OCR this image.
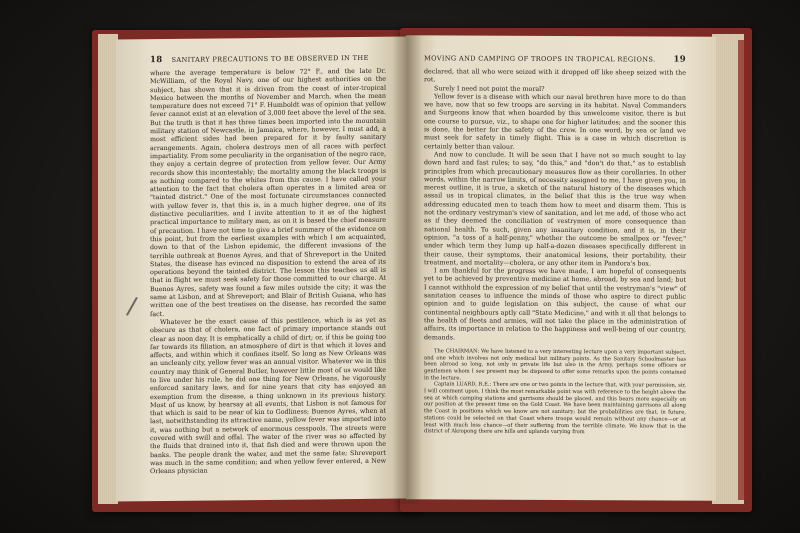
18 SANITARY PRECAUTIONS TO BE OBSERVED IN THE

where the average temperature is below 72° F., and the late Dr. McWilliam, of the Royal Navy, one of our highest authorities on the subject, has shown that it is driven from the coast of inter-tropical Mexico between the months of November and March, when the mean temperature does not exceed 71° F. Humboldt was of opinion that yellow fever cannot exist at an elevation of 3,000 feet above the level of the sea. But the truth is that it has three times been imported into the mountain military station of Newcastle, in Jamaica, where, however, I must add, a most efficient sides had been prepared for it by faulty sanitary arrangements. Again, cholera destroys men of all races with perfect impartiality. From some peculiarity in the organisation of the negro race, they enjoy a certain degree of protection from yellow fever. Our Army records show this incontestably; the mortality among the black troops is as nothing compared to the whites from this cause. I have called your attention to the fact that cholera often operates in a limited area or "tainted district." One of the most fortunate circumstances connected with yellow fever is, that this is, in a much higher degree, one of its distinctive peculiarities, and I invite attention to it as of the highest practical importance to military men, as on it is based the chief measure of precaution. I have not time to give a brief summary of the evidence on this point, but from the earliest examples with which I am acquainted, down to that of the Lisbon epidemic, the different invasions of the terrible outbreak at Buenos Ayres, and that of Shreveport in the United States, the disease has evinced no disposition to extend the area of its operations beyond the tainted district. The lesson this teaches us all is that in flight we must seek safety for those committed to our charge. At Buenos Ayres, safety was found a few miles outside the city; it was the same at Lisbon, and at Shreveport; and Blair of British Guiana, who has written one of the best treatises on the disease, has recorded the same fact.

Whatever be the exact cause of this pestilence, which is as yet as obscure as that of cholera, one fact of primary importance stands out clear as noon day. It is emphatically a child of dirt; or, if this be going too far towards its filiation, an atmosphere of dirt is that which it loves and affects, and within which it confines itself. So long as New Orleans was an uncleanly city, yellow fever was an annual visitor. Whatever we in this country may think of General Butler, however little most of us would like to live under his rule, he did one thing for New Orleans, he vigorously enforced sanitary laws, and for nine years that city has enjoyed an exemption from the disease, a thing unknown in its previous history. Most of us know, by hearsay at all events, that Lisbon is not famous for that which is said to be near of kin to Godliness; Buenos Ayres, when at last, notwithstanding its attractive name, yellow fever was imported into it, was nothing but a network of enormous cesspools. The streets were covered with swill and offal. The water of the river was so affected by the fluids that drained into it, that fish died and were thrown upon the banks. The people drank the water, and met the same fate; Shreveport was much in the same condition; and when yellow fever entered, a New Orleans physician

MOVING AND CAMPING OF TROOPS IN TROPICAL REGIONS. 19

declared, that all who were seized with it dropped off like sheep seized with the rot.

Surely I need not point the moral?

Yellow fever is a disease with which our naval brethren have more to do than we have, now that so few troops are serving in its habitat. Naval Commanders and Surgeons know that when boarded by this unwelcome visitor, there is but one course to pursue, viz., to shape one for higher latitudes; and the sooner this is done, the better for the safety of the crew. In one word, by sea or land we must seek for safety in timely flight. This is a case in which discretion is certainly better than valour.

And now to conclude. It will be seen that I have not so much sought to lay down hard and fast rules; to say, "do this," and "don't do that," as to establish principles from which precautionary measures flow as their corollaries. In other words, within the narrow limits, of necessity assigned to me, I have given you, in merest outline, it is true, a sketch of the natural history of the diseases which assail us in tropical climates, in the belief that this is the true way when addressing educated men to teach them how to meet and disarm them. This is not the ordinary vestryman's view of sanitation, and let me add, of those who act as if they deemed the conciliation of vestrymen of more consequence than national health. To such, given any insanitary condition, and it is, in their opinion, "a toss of a half-penny," whether the outcome be smallpox or "fever," under which term they lump up half-a-dozen diseases specifically different in their cause, their symptoms, their anatomical lesions, their portability, their treatment, and mortality—cholera, or any other item in Pandora's box.

I am thankful for the progress we have made, I am hopeful of consequents yet to be achieved by preventive medicine at home, abroad, by sea and land; but I cannot withhold the expression of my belief that until the vestryman's "view" of sanitation ceases to influence the minds of those who aspire to direct public opinion and to guide legislation on this subject, the cause of what our continental neighbours aptly call "State Medicine," and with it all that belongs to the health of fleets and armies, will not take the place in the administration of affairs, its importance in relation to the happiness and well-being of our country, demands.

The CHAIRMAN: We have listened to a very interesting lecture upon a very important subject, and one which involves not only medical but military points. As the Sanitary Schoolmaster has been abroad so long, not only in private life but also in the Army, perhaps some officers or gentlemen whom I see present may be disposed to offer some remarks upon the points contained in the lecture.

Captain LUARD, R.E.: There are one or two points in the lecture that, with your permission, sir, I will comment upon. I think the most remarkable point was with reference to the height above the sea at which camping stations and garrisons should be placed, and this bears more especially on our position at the present time on the Gold Coast. We have been maintaining garrisons all along the Coast in positions which we know are not sanitary; but the probabilities are that, in future, stations could be selected on that Coast where troops would remain without any chance—or at least with much less chance—of their suffering from the terrible climate. We know that in the district of Akropong there are hills and uplands varying from

/
